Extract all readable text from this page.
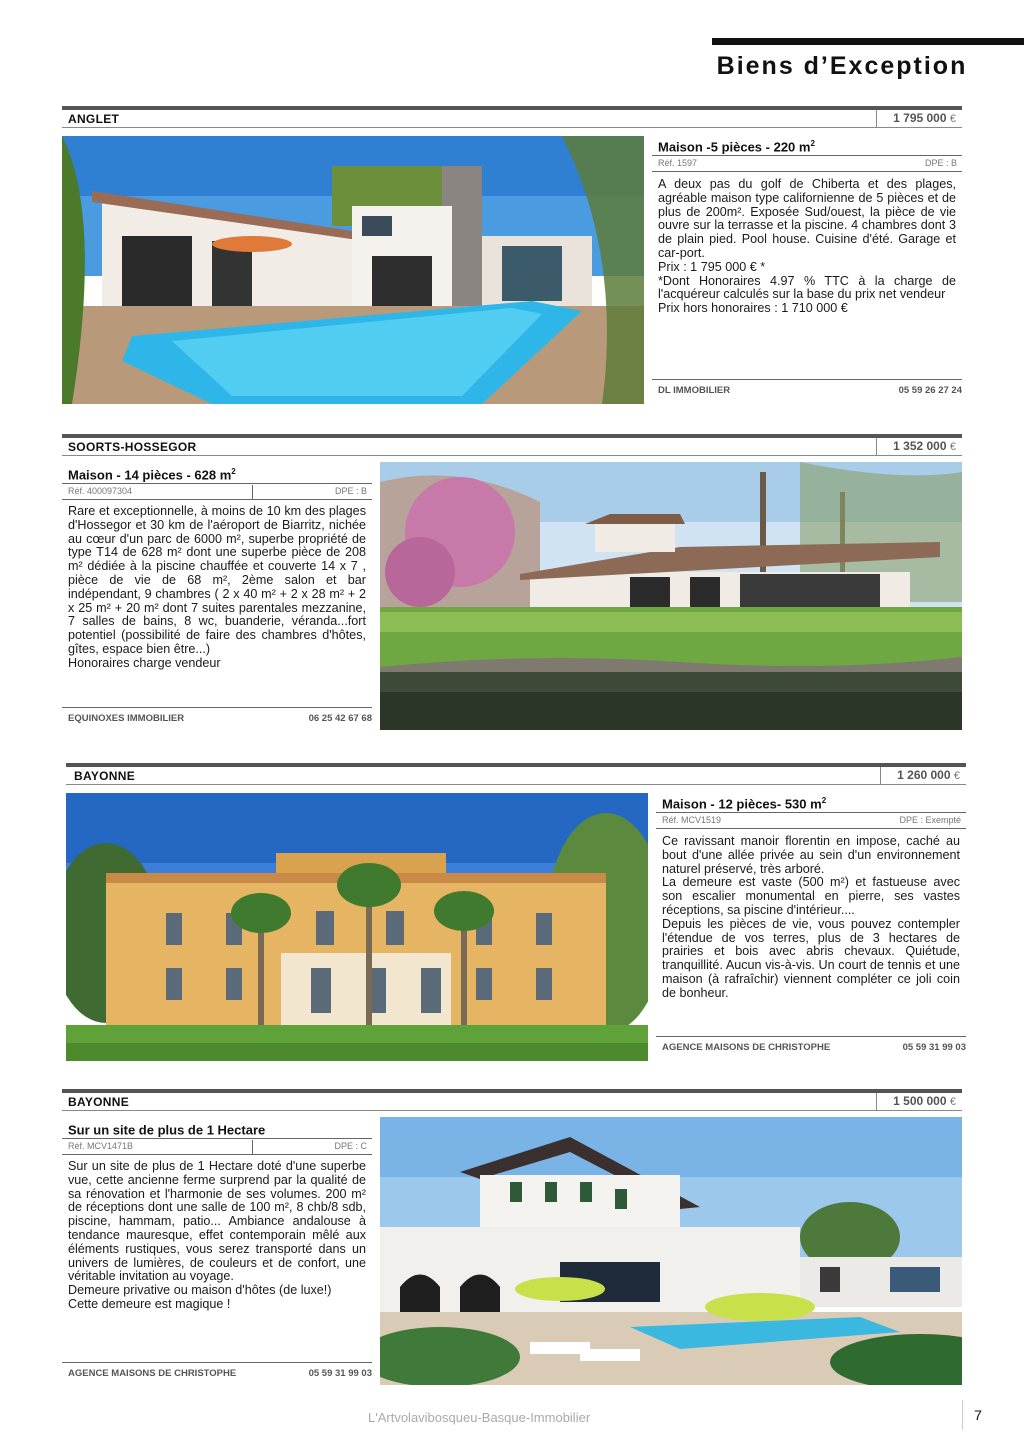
Biens d’Exception
ANGLET	1 795 000 €
Maison -5 pièces - 220 $m^2$
Réf. 1597	DPE : B

A deux pas du golf de Chiberta et des plages, agréable maison type californienne de 5 pièces et de plus de 200m². Exposée Sud/ouest, la pièce de vie ouvre sur la terrasse et la piscine. 4 chambres dont 3 de plain pied. Pool house. Cuisine d'été. Garage et car-port.

Prix : 1 795 000 € *

*Dont Honoraires 4.97 % TTC à la charge de l'acquéreur calculés sur la base du prix net vendeur

Prix hors honoraires : 1 710 000 €

DL IMMOBILIER	05 59 26 27 24
SOORTS-HOSSEGOR	1 352 000 €
Maison - 14 pièces - 628 $m^2$
Réf. 400097304	DPE : B

Rare et exceptionnelle, à moins de 10 km des plages d'Hossegor et 30 km de l'aéroport de Biarritz, nichée au cœur d'un parc de 6000 m², superbe propriété de type T14 de 628 m² dont une superbe pièce de 208 m² dédiée à la piscine chauffée et couverte 14 x 7 , pièce de vie de 68 m², 2ème salon et bar indépendant, 9 chambres ( 2 x 40 m² + 2 x 28 m² + 2 x 25 m² + 20 m² dont 7 suites parentales mezzanine, 7 salles de bains, 8 wc, buanderie, véranda...fort potentiel (possibilité de faire des chambres d'hôtes, gîtes, espace bien être...)

Honoraires charge vendeur

EQUINOXES IMMOBILIER	06 25 42 67 68
BAYONNE	1 260 000 €
Maison - 12 pièces- 530 $m^2$
Réf. MCV1519	DPE : Exempté

Ce ravissant manoir florentin en impose, caché au bout d'une allée privée au sein d'un environnement naturel préservé, très arboré.

La demeure est vaste (500 m²) et fastueuse avec son escalier monumental en pierre, ses vastes réceptions, sa piscine d'intérieur....

Depuis les pièces de vie, vous pouvez contempler l'étendue de vos terres, plus de 3 hectares de prairies et bois avec abris chevaux. Quiétude, tranquillité. Aucun vis-à-vis. Un court de tennis et une maison (à rafraîchir) viennent compléter ce joli coin de bonheur.

AGENCE MAISONS DE CHRISTOPHE	05 59 31 99 03
BAYONNE	1 500 000 €
Sur un site de plus de 1 Hectare
Réf. MCV1471B	DPE : C

Sur un site de plus de 1 Hectare doté d'une superbe vue, cette ancienne ferme surprend par la qualité de sa rénovation et l'harmonie de ses volumes. 200 m² de réceptions dont une salle de 100 m², 8 chb/8 sdb, piscine, hammam, patio... Ambiance andalouse à tendance mauresque, effet contemporain mêlé aux éléments rustiques, vous serez transporté dans un univers de lumières, de couleurs et de confort, une véritable invitation au voyage.

Demeure privative ou maison d'hôtes (de luxe!)

Cette demeure est magique !

AGENCE MAISONS DE CHRISTOPHE	05 59 31 99 03
L'Artvolavibosqueu-Basque-Immobilier	7
